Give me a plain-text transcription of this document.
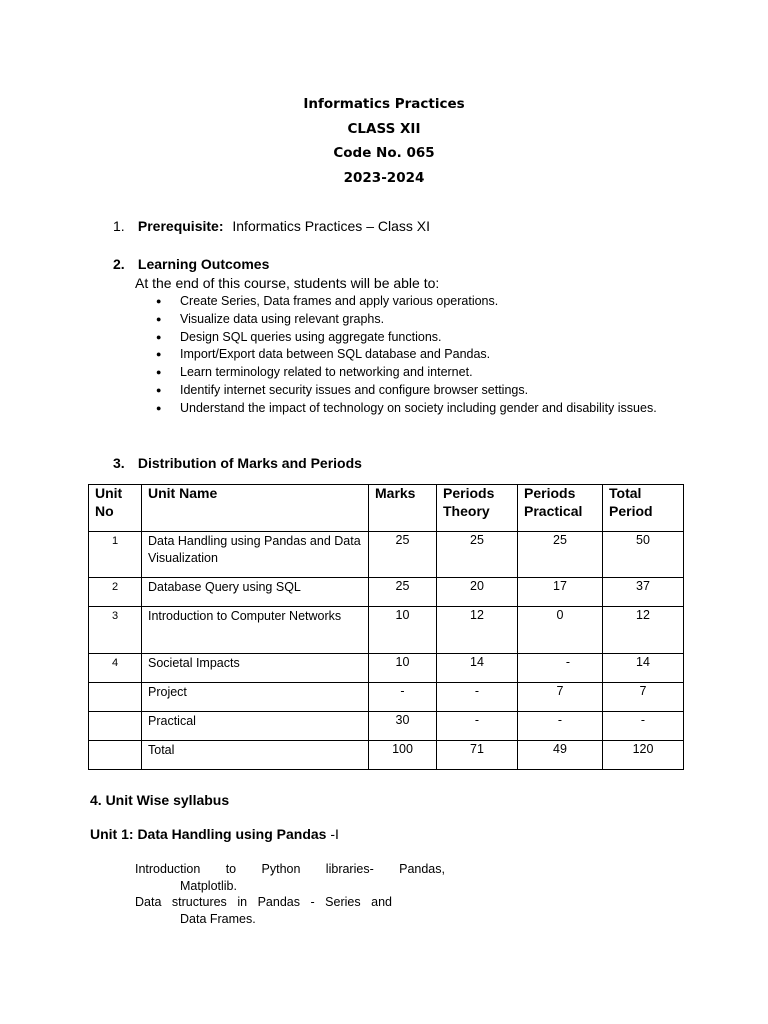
Informatics Practices
CLASS XII
Code No. 065
2023-2024
1. Prerequisite: Informatics Practices – Class XI
2. Learning Outcomes
At the end of this course, students will be able to:
● Create Series, Data frames and apply various operations.
● Visualize data using relevant graphs.
● Design SQL queries using aggregate functions.
● Import/Export data between SQL database and Pandas.
● Learn terminology related to networking and internet.
● Identify internet security issues and configure browser settings.
● Understand the impact of technology on society including gender and disability issues.
3. Distribution of Marks and Periods
Unit No	Unit Name	Marks	Periods Theory	Periods Practical	Total Period
1	Data Handling using Pandas and Data Visualization	25	25	25	50
2	Database Query using SQL	25	20	17	37
3	Introduction to Computer Networks	10	12	0	12
4	Societal Impacts	10	14	-	14
	Project	-	-	7	7
	Practical	30	-	-	-
	Total	100	71	49	120
4. Unit Wise syllabus
Unit 1: Data Handling using Pandas -I
Introduction to Python libraries- Pandas,
Matplotlib.
Data structures in Pandas - Series and
Data Frames.
